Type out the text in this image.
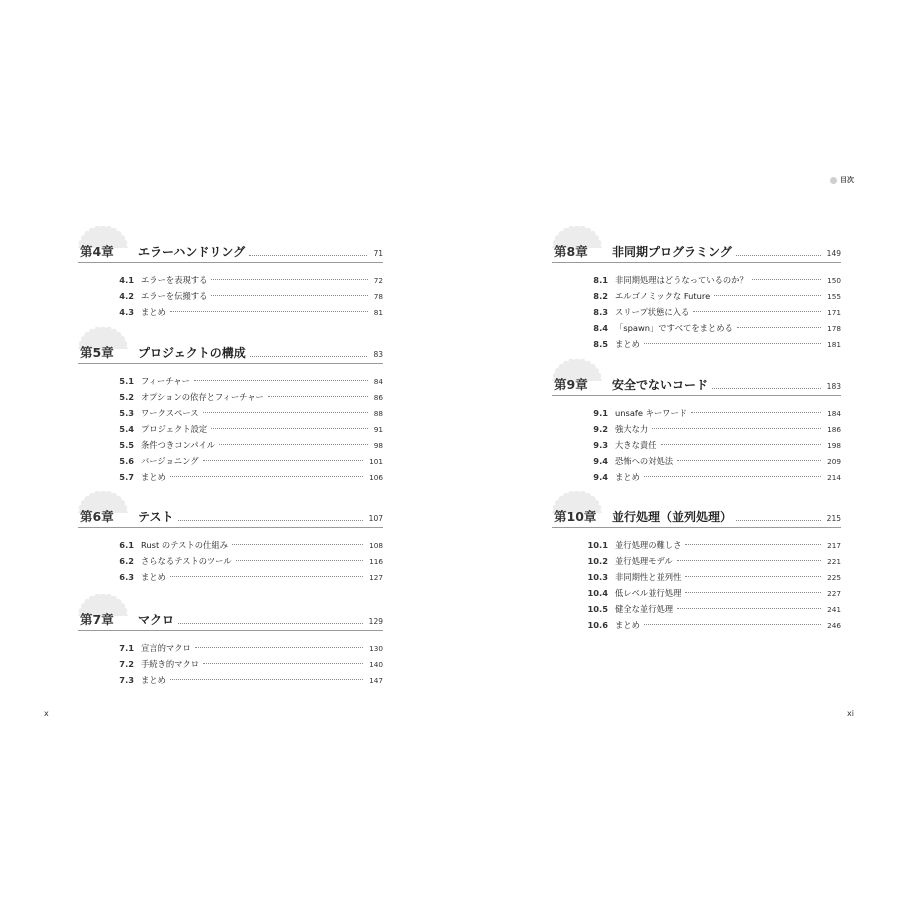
x
第4章	エラーハンドリング	71
4.1 エラーを表現する	72
4.2 エラーを伝搬する	78
4.3 まとめ	81
第5章	プロジェクトの構成	83
5.1 フィーチャー	84
5.2 オプションの依存とフィーチャー	86
5.3 ワークスペース	88
5.4 プロジェクト設定	91
5.5 条件つきコンパイル	98
5.6 バージョニング	101
5.7 まとめ	106
第6章	テスト	107
6.1 Rust のテストの仕組み	108
6.2 さらなるテストのツール	116
6.3 まとめ	127
第7章	マクロ	129
7.1 宣言的マクロ	130
7.2 手続き的マクロ	140
7.3 まとめ	147
目次
xi
第8章	非同期プログラミング	149
8.1 非同期処理はどうなっているのか？	150
8.2 エルゴノミックな Future	155
8.3 スリープ状態に入る	171
8.4 「spawn」ですべてをまとめる	178
8.5 まとめ	181
第9章	安全でないコード	183
9.1 unsafe キーワード	184
9.2 強大な力	186
9.3 大きな責任	198
9.4 恐怖への対処法	209
9.4 まとめ	214
第10章	並行処理（並列処理）	215
10.1 並行処理の難しさ	217
10.2 並行処理モデル	221
10.3 非同期性と並列性	225
10.4 低レベル並行処理	227
10.5 健全な並行処理	241
10.6 まとめ	246
